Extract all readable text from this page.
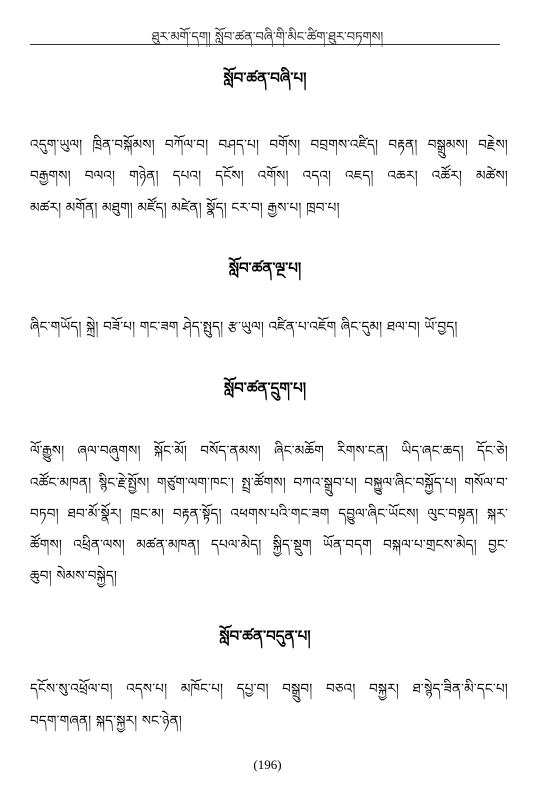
ཐུར་མགོ་དག། སློབ་ཚན་བཞི་གི་མིང་ཚིག་ཐུར་བཏགས།
སློབ་ཚན་བཞི་པ།
འདུག་ཡུལ། ཁྲིན་བསྐོམས། བཀོལ་བ། བཤད་པ། བགོས། བབྲགས་འཛིད། བརྟན། བསྒྲུམས། བརྗེས།
བརྒྱགས། བལའ། གཉེན། དཔའ། དངོས། འགོས། འདའ། འཇད། འཆར། འཚོར། མཚེས།
མཚར། མགོན། མཐུག། མཛོད། མཛེན། སྣོད། ངར་བ། རྒྱས་པ། ཁྲབ་པ།
སློབ་ཚན་ལྔ་པ།
ཞིང་གཡོད། སྐྲེ། བཟོ་པ། གང་ཟག ཤེད་སྤུད། རྩ་ཡུལ། འཛིན་པ་འཇོག ཞིང་དུམ། ཐལ་བ། ཡོ་བྱད།
སློབ་ཚན་དྲུག་པ།
ལོ་རྒྱུས། ཞལ་བཞུགས། སྐོང་མོ། བསོད་ནམས། ཞིང་མཆོག རིགས་ངན། ཡིད་ཞང་ཆད། དོང་ཅེ།
འཚོང་མཁན། སྙིང་རྗེ་སྤྱོས། གཙུག་ལག་ཁང་། སྤྲ་ཚོགས། བཀའ་སྒྲུབ་པ། བསྐྱུལ་ཞིང་བསྐྱོད་པ། གསོལ་བ་
བཏབ། ཐབ་མོ་སྣོར། ཁྲང་མ། བརྟན་སྟོད། འཕགས་པའི་གང་ཟག དབྱུལ་ཞིང་ཡོངས། ལུང་བསྟན། སྐར་
ཚོགས། འཕྲིན་ལས། མཚན་མཁན། དཔལ་མེད། སྐྱིད་སྡུག ཡོན་བདག བསྐལ་པ་གྲངས་མེད། བྱང་
ཆུབ། སེམས་བསྐྱེད།
སློབ་ཚན་བདུན་པ།
དངོས་སུ་འཕྲོལ་བ། འདས་པ། མཁོང་པ། དཔྱ་བ། བསྒྲུབ། བཅའ། བསྐྱར། ཐ་སྙེད་ཟིན་མི་དང་པ།
བདག་གཞན། སྐད་སྐྱར། སང་ཉེན།
(196)
